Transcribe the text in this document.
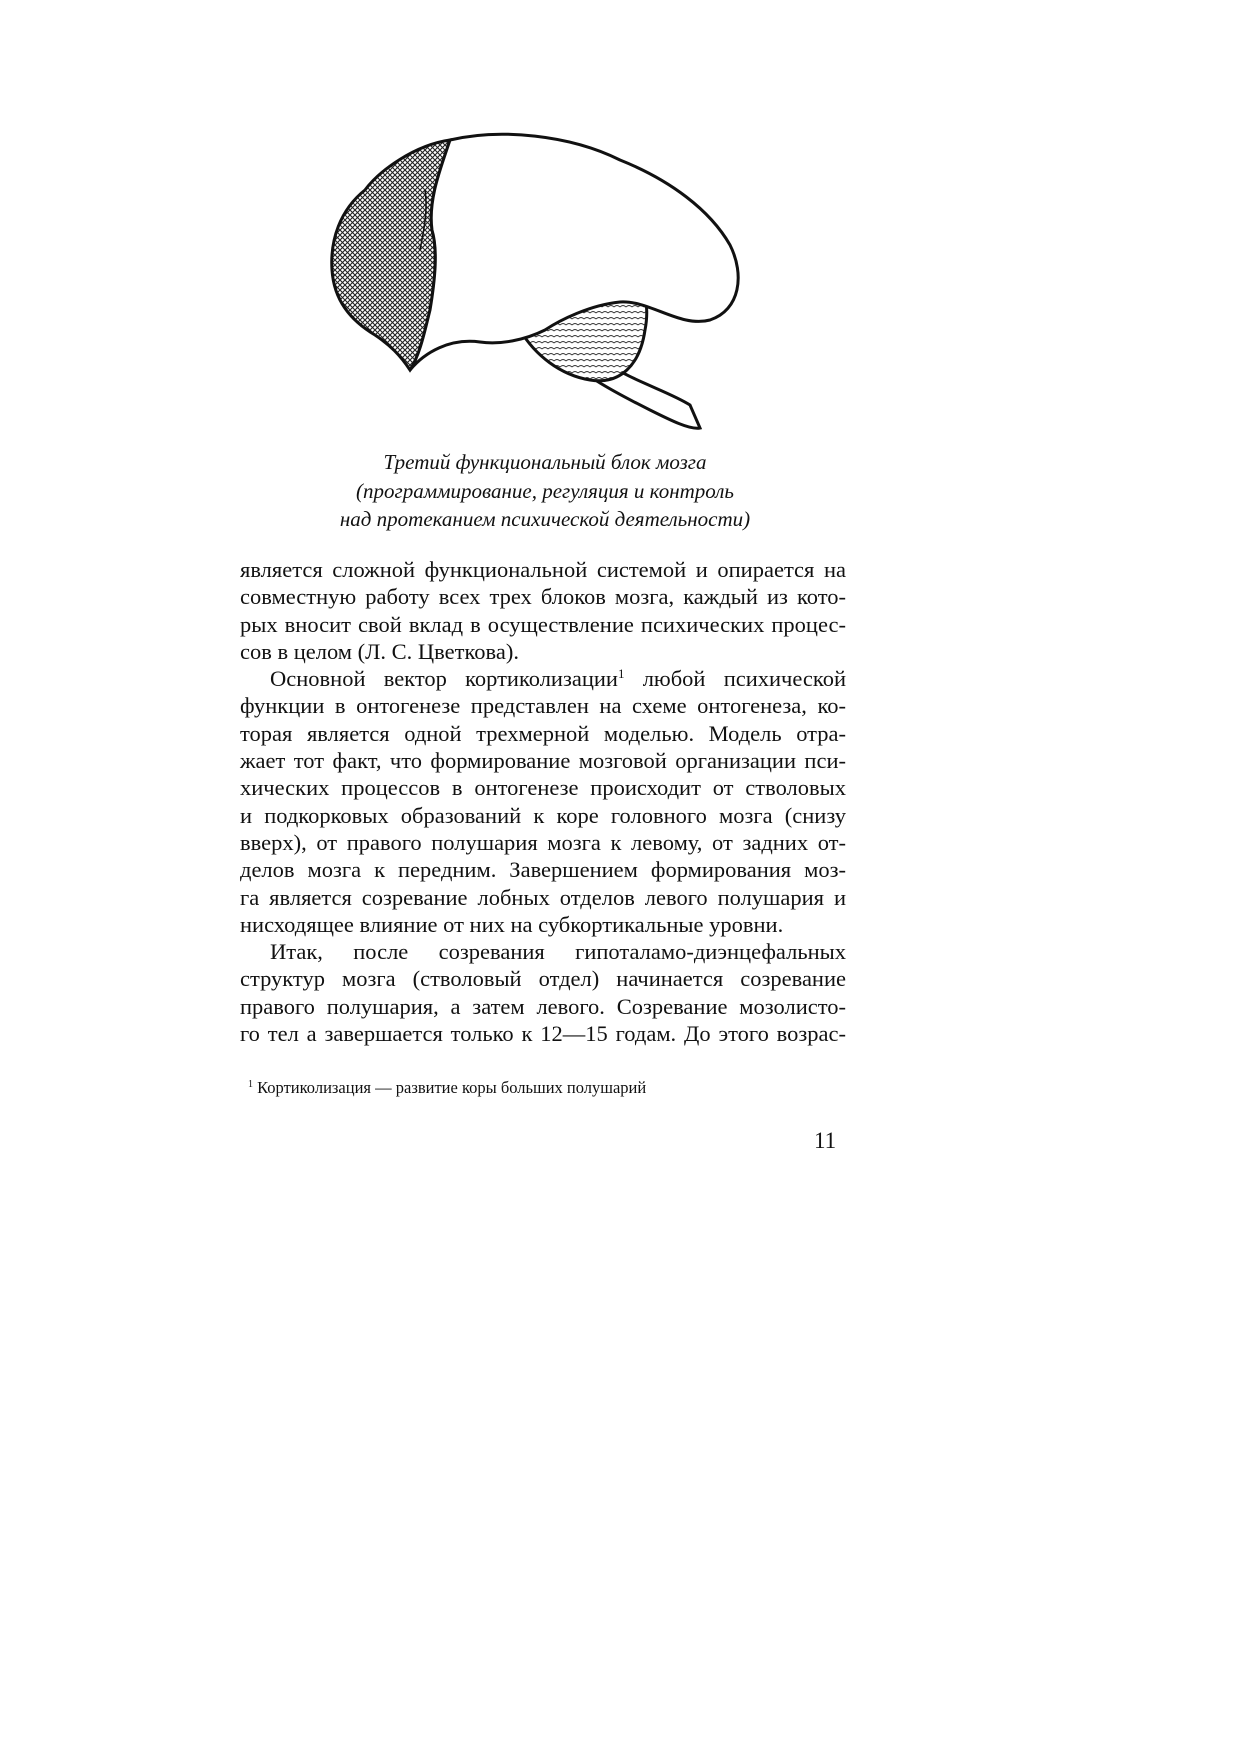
Третий функциональный блок мозга
(программирование, регуляция и контроль
над протеканием психической деятельности)
является сложной функциональной системой и опирается на
совместную работу всех трех блоков мозга, каждый из кото-
рых вносит свой вклад в осуществление психических процес-
сов в целом (Л. С. Цветкова).
Основной вектор кортиколизации$^1$ любой психической
функции в онтогенезе представлен на схеме онтогенеза, ко-
торая является одной трехмерной моделью. Модель отра-
жает тот факт, что формирование мозговой организации пси-
хических процессов в онтогенезе происходит от стволовых
и подкорковых образований к коре головного мозга (снизу
вверх), от правого полушария мозга к левому, от задних от-
делов мозга к передним. Завершением формирования моз-
га является созревание лобных отделов левого полушария и
нисходящее влияние от них на субкортикальные уровни.
Итак, после созревания гипоталамо-диэнцефальных
структур мозга (стволовый отдел) начинается созревание
правого полушария, а затем левого. Созревание мозолисто-
го тел а завершается только к 12—15 годам. До этого возрас-
$^1$ Кортиколизация — развитие коры больших полушарий
11
